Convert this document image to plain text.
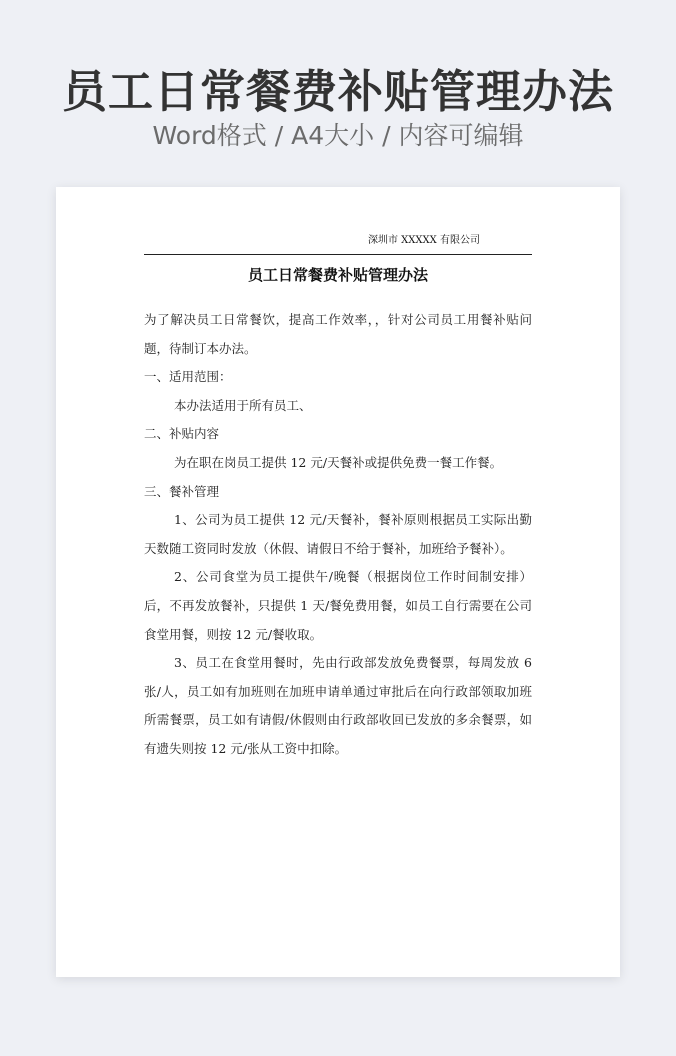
员工日常餐费补贴管理办法
Word格式 / A4大小 / 内容可编辑
深圳市 XXXXX 有限公司
员工日常餐费补贴管理办法

为了解决员工日常餐饮，提高工作效率，，针对公司员工用餐补贴问题，待制订本办法。

一、适用范围：

本办法适用于所有员工、

二、补贴内容

为在职在岗员工提供 12 元/天餐补或提供免费一餐工作餐。

三、餐补管理

1、公司为员工提供 12 元/天餐补，餐补原则根据员工实际出勤天数随工资同时发放（休假、请假日不给于餐补，加班给予餐补）。

2、公司食堂为员工提供午/晚餐（根据岗位工作时间制安排）后，不再发放餐补，只提供 1 天/餐免费用餐，如员工自行需要在公司食堂用餐，则按 12 元/餐收取。

3、员工在食堂用餐时，先由行政部发放免费餐票，每周发放 6 张/人，员工如有加班则在加班申请单通过审批后在向行政部领取加班所需餐票，员工如有请假/休假则由行政部收回已发放的多余餐票，如有遗失则按 12 元/张从工资中扣除。
